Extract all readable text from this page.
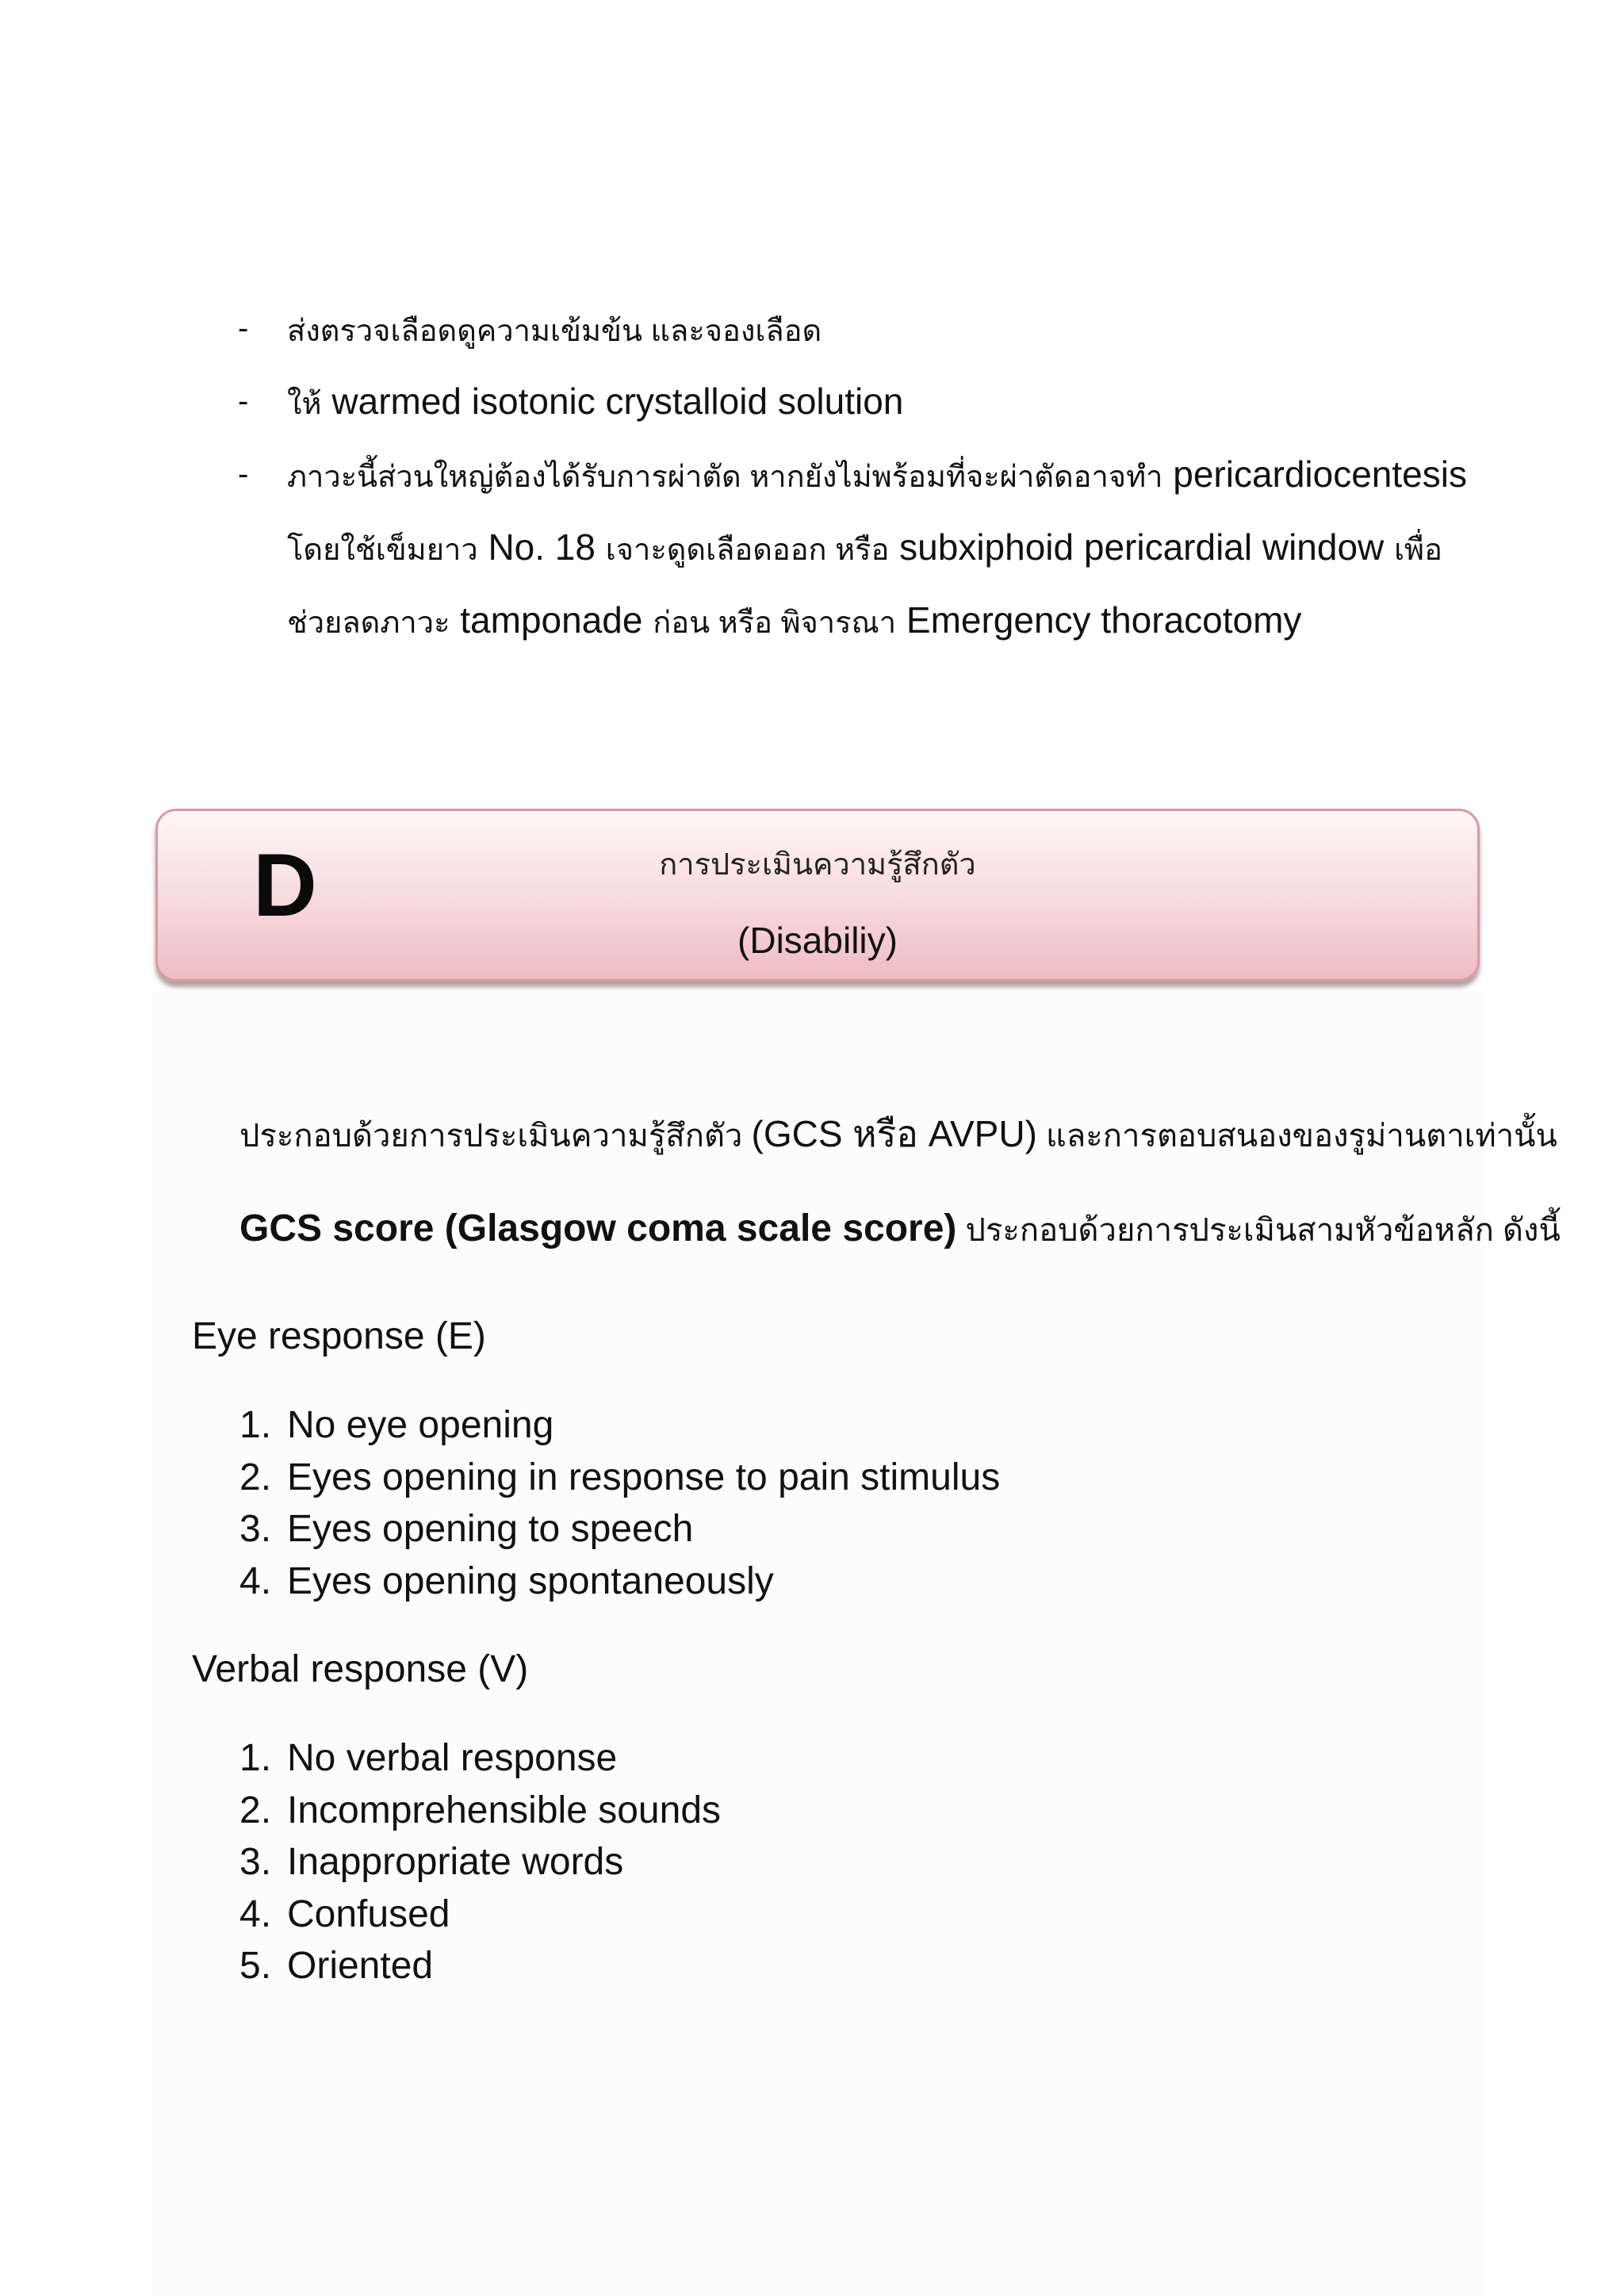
- ส่งตรวจเลือดดูความเข้มข้น และจองเลือด
- ให้ warmed isotonic crystalloid solution
- ภาวะนี้ส่วนใหญ่ต้องได้รับการผ่าตัด หากยังไม่พร้อมที่จะผ่าตัดอาจทำ pericardiocentesis
โดยใช้เข็มยาว No. 18 เจาะดูดเลือดออก หรือ subxiphoid pericardial window เพื่อ
ช่วยลดภาวะ tamponade ก่อน หรือ พิจารณา Emergency thoracotomy
D	การประเมินความรู้สึกตัว
(Disabiliy)

ประกอบด้วยการประเมินความรู้สึกตัว (GCS หรือ AVPU) และการตอบสนองของรูม่านตาเท่านั้น

GCS score (Glasgow coma scale score) ประกอบด้วยการประเมินสามหัวข้อหลัก ดังนี้

Eye response (E)
1. No eye opening
2. Eyes opening in response to pain stimulus
3. Eyes opening to speech
4. Eyes opening spontaneously
Verbal response (V)
1. No verbal response
2. Incomprehensible sounds
3. Inappropriate words
4. Confused
5. Oriented
